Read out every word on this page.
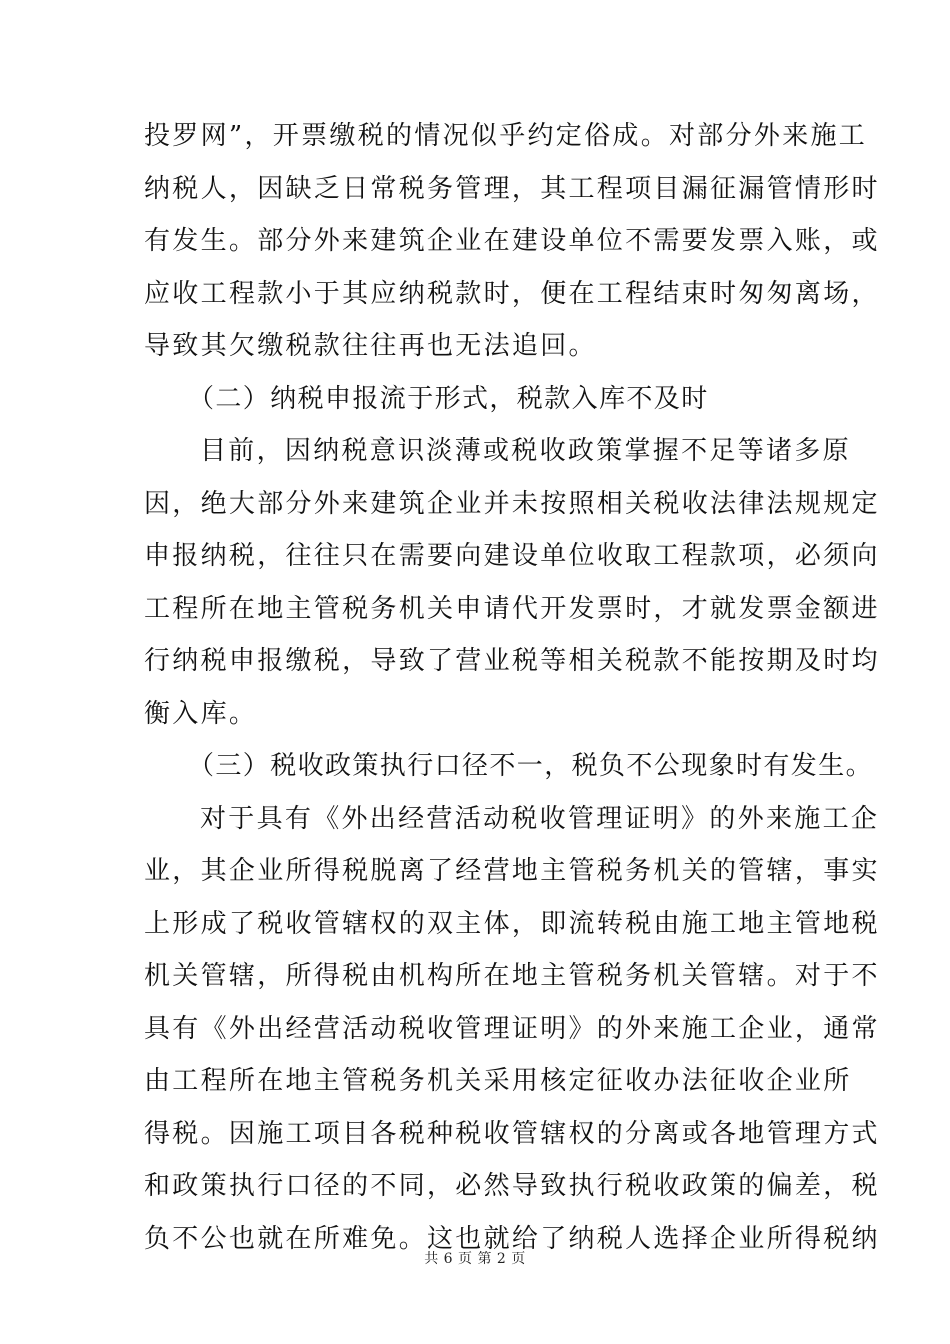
投罗网”，开票缴税的情况似乎约定俗成。对部分外来施工
纳税人，因缺乏日常税务管理，其工程项目漏征漏管情形时
有发生。部分外来建筑企业在建设单位不需要发票入账，或
应收工程款小于其应纳税款时，便在工程结束时匆匆离场，
导致其欠缴税款往往再也无法追回。
（二）纳税申报流于形式，税款入库不及时
目前，因纳税意识淡薄或税收政策掌握不足等诸多原
因，绝大部分外来建筑企业并未按照相关税收法律法规规定
申报纳税，往往只在需要向建设单位收取工程款项，必须向
工程所在地主管税务机关申请代开发票时，才就发票金额进
行纳税申报缴税，导致了营业税等相关税款不能按期及时均
衡入库。
（三）税收政策执行口径不一，税负不公现象时有发生。
对于具有《外出经营活动税收管理证明》的外来施工企
业，其企业所得税脱离了经营地主管税务机关的管辖，事实
上形成了税收管辖权的双主体，即流转税由施工地主管地税
机关管辖，所得税由机构所在地主管税务机关管辖。对于不
具有《外出经营活动税收管理证明》的外来施工企业，通常
由工程所在地主管税务机关采用核定征收办法征收企业所
得税。因施工项目各税种税收管辖权的分离或各地管理方式
和政策执行口径的不同，必然导致执行税收政策的偏差，税
负不公也就在所难免。这也就给了纳税人选择企业所得税纳
共 6 页 第 2 页
